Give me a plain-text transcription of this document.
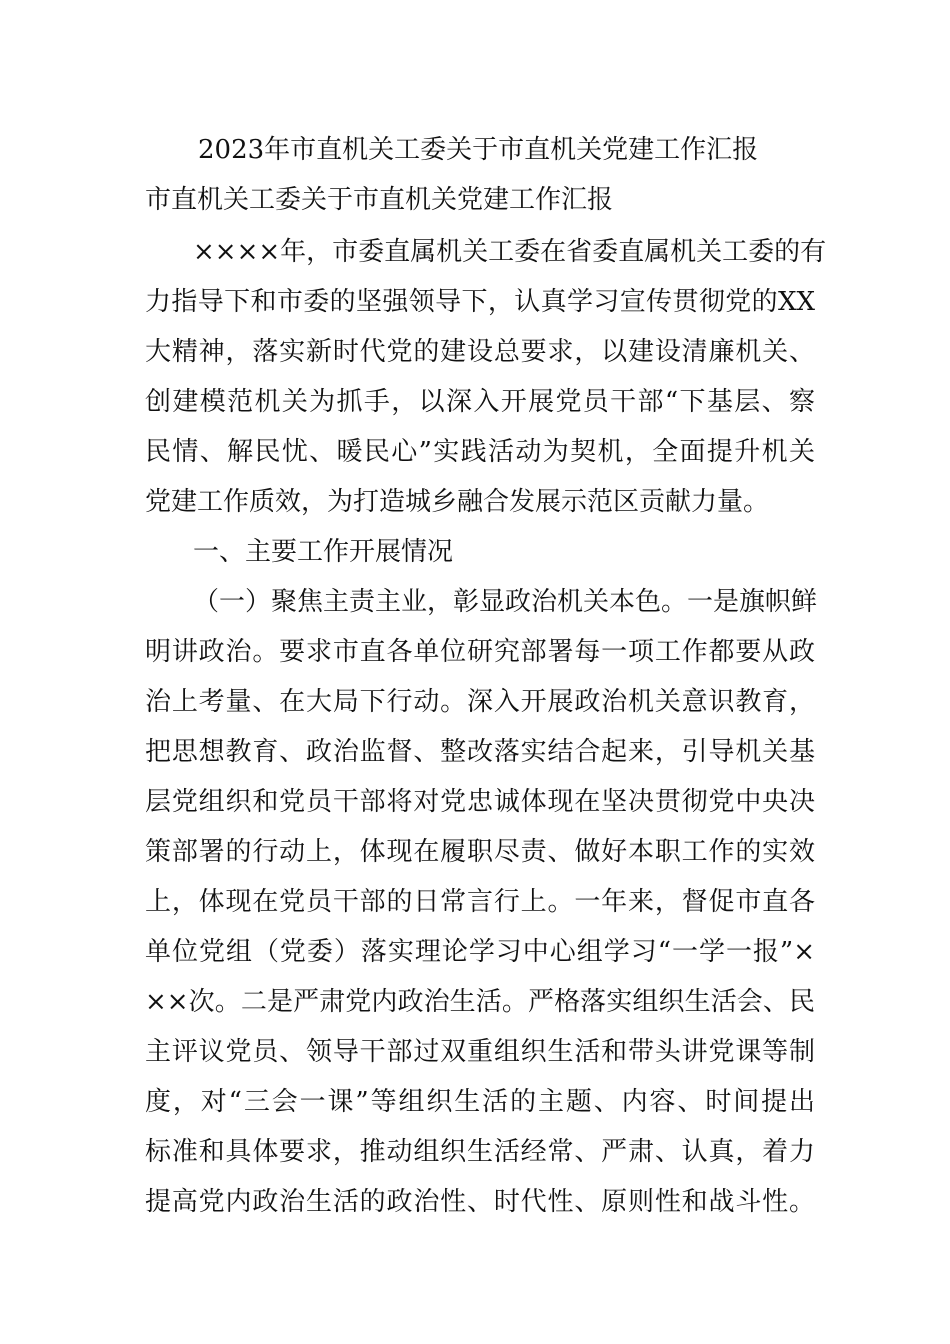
2023年市直机关工委关于市直机关党建工作汇报

市直机关工委关于市直机关党建工作汇报

××××年，市委直属机关工委在省委直属机关工委的有
力指导下和市委的坚强领导下，认真学习宣传贯彻党的XX
大精神，落实新时代党的建设总要求，以建设清廉机关、
创建模范机关为抓手，以深入开展党员干部“下基层、察
民情、解民忧、暖民心”实践活动为契机，全面提升机关
党建工作质效，为打造城乡融合发展示范区贡献力量。
一、主要工作开展情况
（一）聚焦主责主业，彰显政治机关本色。一是旗帜鲜
明讲政治。要求市直各单位研究部署每一项工作都要从政
治上考量、在大局下行动。深入开展政治机关意识教育，
把思想教育、政治监督、整改落实结合起来，引导机关基
层党组织和党员干部将对党忠诚体现在坚决贯彻党中央决
策部署的行动上，体现在履职尽责、做好本职工作的实效
上，体现在党员干部的日常言行上。一年来，督促市直各
单位党组（党委）落实理论学习中心组学习“一学一报”×
××次。二是严肃党内政治生活。严格落实组织生活会、民
主评议党员、领导干部过双重组织生活和带头讲党课等制
度，对“三会一课”等组织生活的主题、内容、时间提出
标准和具体要求，推动组织生活经常、严肃、认真，着力
提高党内政治生活的政治性、时代性、原则性和战斗性。
